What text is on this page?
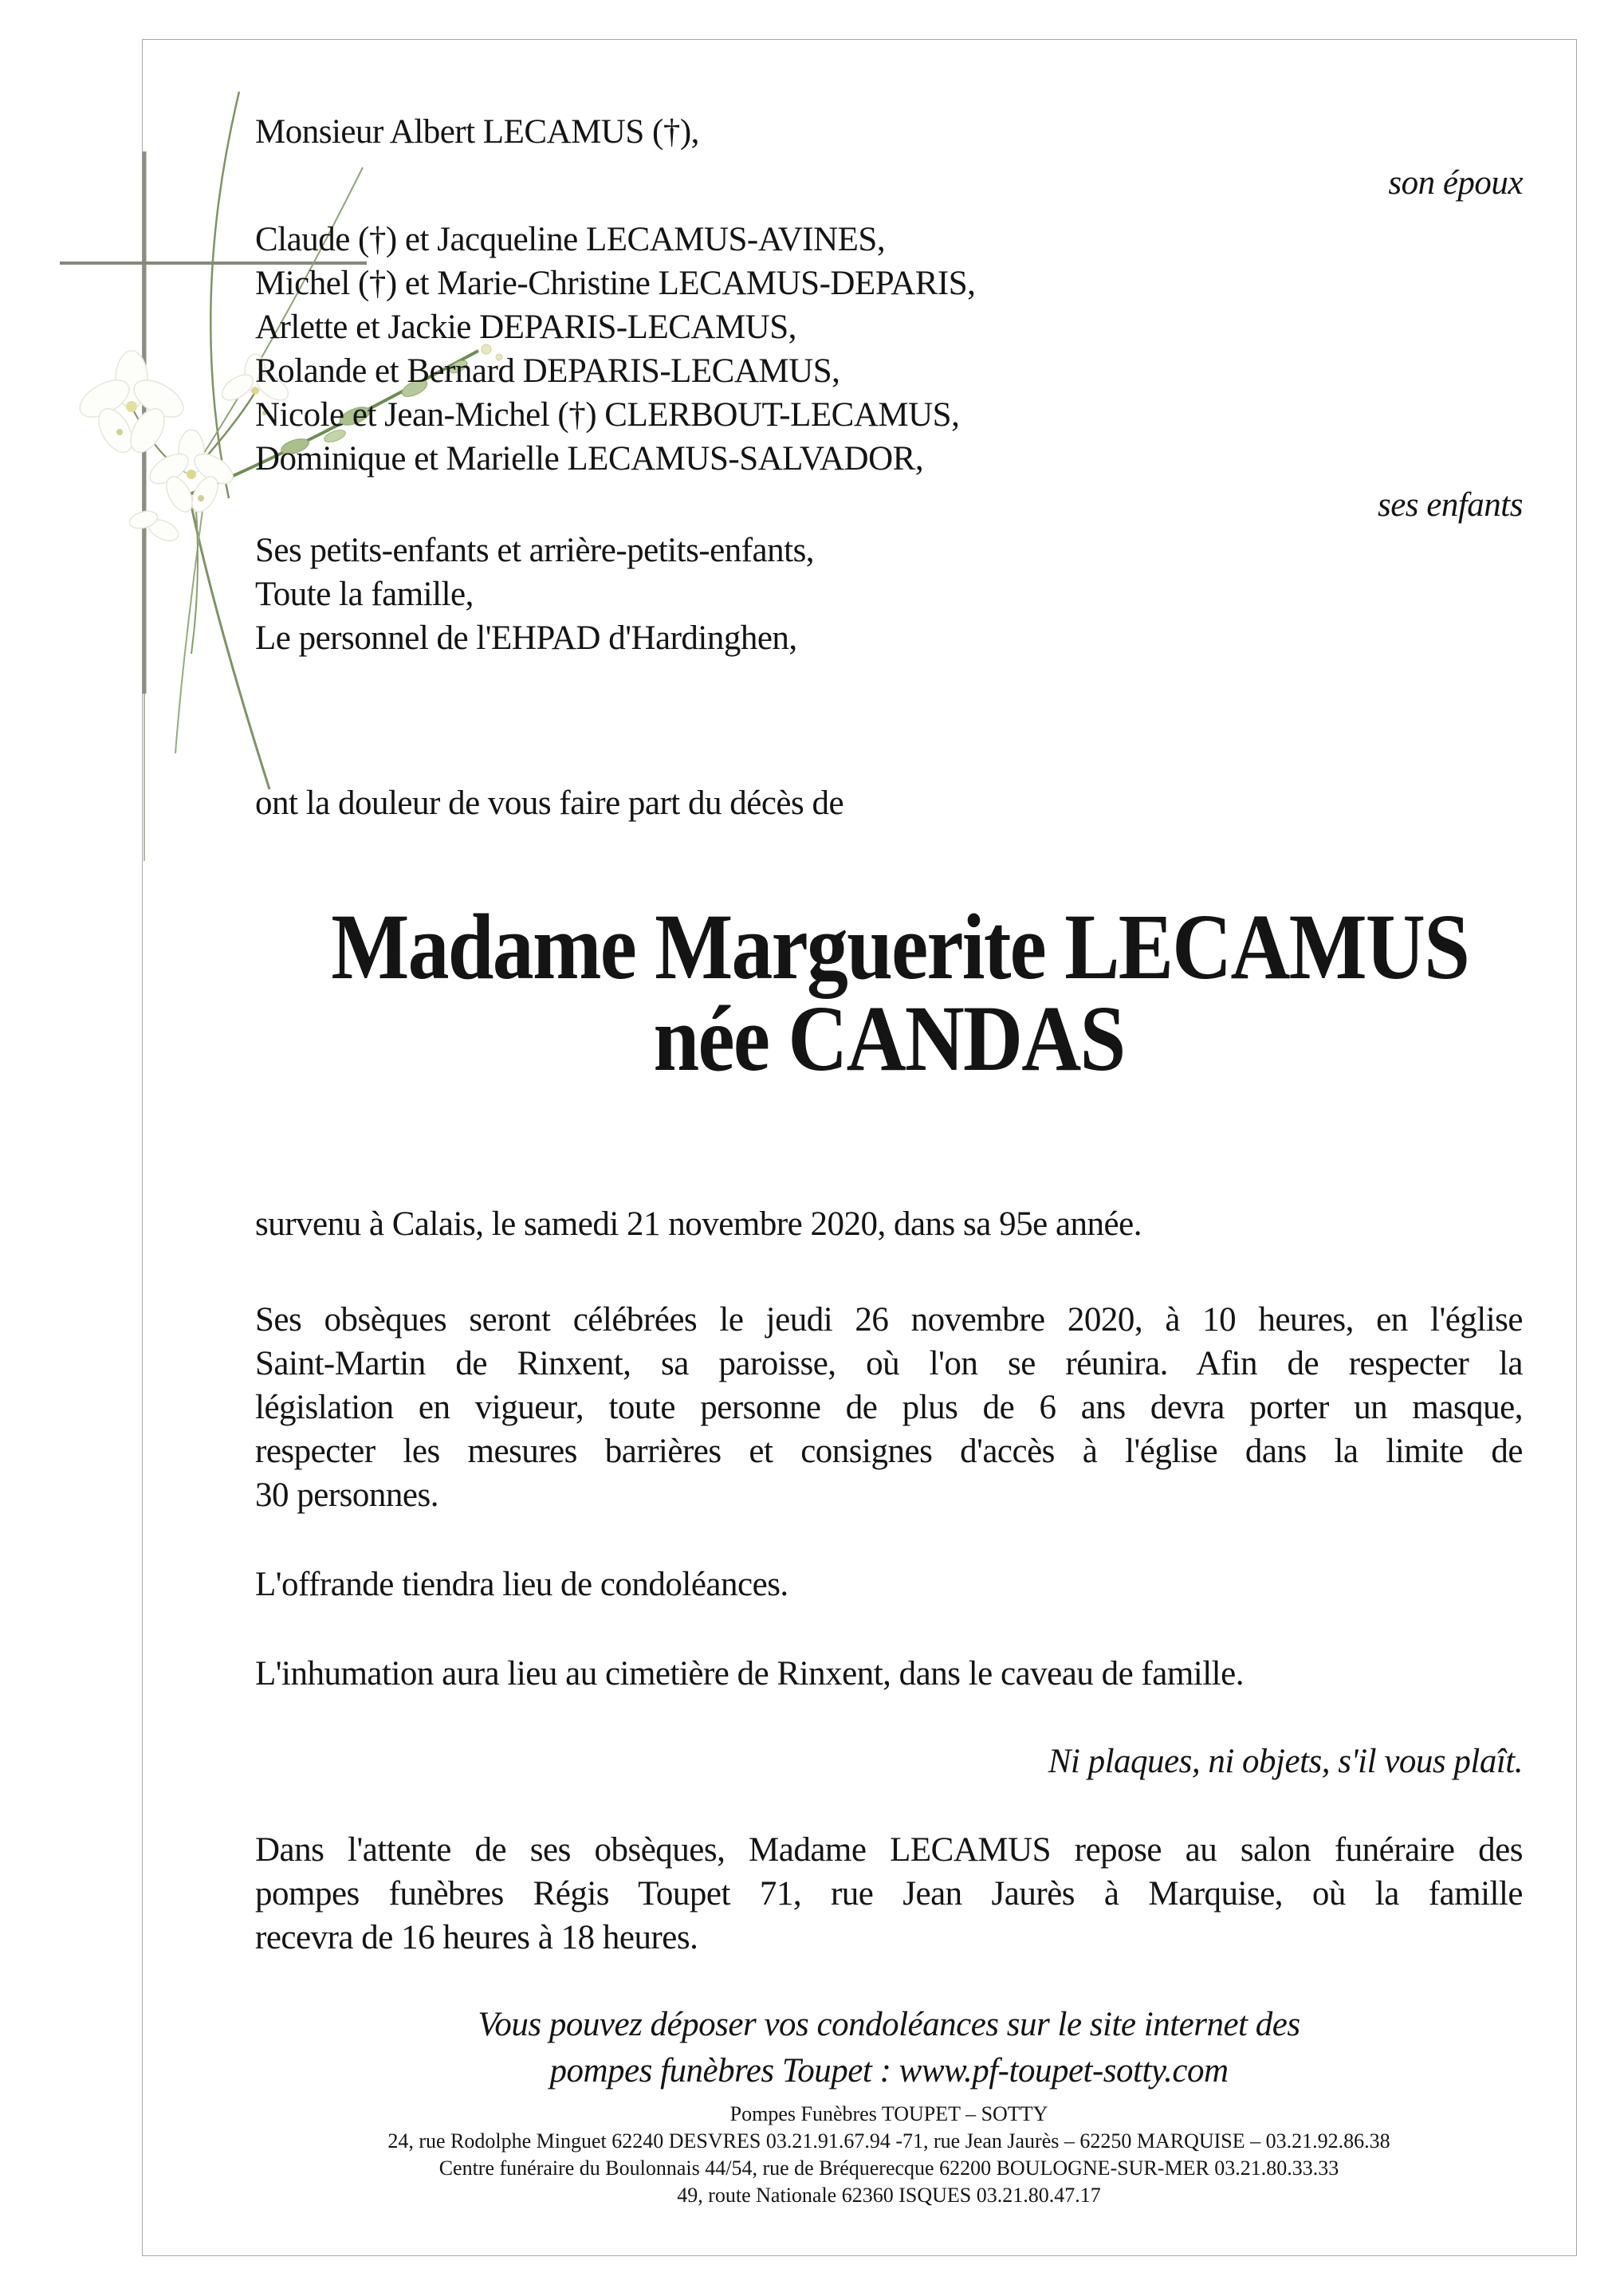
Monsieur Albert LECAMUS (†),
son époux
Claude (†) et Jacqueline LECAMUS-AVINES,
Michel (†) et Marie-Christine LECAMUS-DEPARIS,
Arlette et Jackie DEPARIS-LECAMUS,
Rolande et Bernard DEPARIS-LECAMUS,
Nicole et Jean-Michel (†) CLERBOUT-LECAMUS,
Dominique et Marielle LECAMUS-SALVADOR,
ses enfants
Ses petits-enfants et arrière-petits-enfants,
Toute la famille,
Le personnel de l'EHPAD d'Hardinghen,
ont la douleur de vous faire part du décès de
Madame Marguerite LECAMUS
née CANDAS
survenu à Calais, le samedi 21 novembre 2020, dans sa 95e année.
Ses obsèques seront célébrées le jeudi 26 novembre 2020, à 10 heures, en l'église
Saint-Martin de Rinxent, sa paroisse, où l'on se réunira. Afin de respecter la
législation en vigueur, toute personne de plus de 6 ans devra porter un masque,
respecter les mesures barrières et consignes d'accès à l'église dans la limite de
30 personnes.
L'offrande tiendra lieu de condoléances.
L'inhumation aura lieu au cimetière de Rinxent, dans le caveau de famille.
Ni plaques, ni objets, s'il vous plaît.
Dans l'attente de ses obsèques, Madame LECAMUS repose au salon funéraire des
pompes funèbres Régis Toupet 71, rue Jean Jaurès à Marquise, où la famille
recevra de 16 heures à 18 heures.
Vous pouvez déposer vos condoléances sur le site internet des
pompes funèbres Toupet : www.pf-toupet-sotty.com
Pompes Funèbres TOUPET – SOTTY
24, rue Rodolphe Minguet 62240 DESVRES 03.21.91.67.94 -71, rue Jean Jaurès – 62250 MARQUISE – 03.21.92.86.38
Centre funéraire du Boulonnais 44/54, rue de Bréquerecque 62200 BOULOGNE-SUR-MER 03.21.80.33.33
49, route Nationale 62360 ISQUES 03.21.80.47.17
